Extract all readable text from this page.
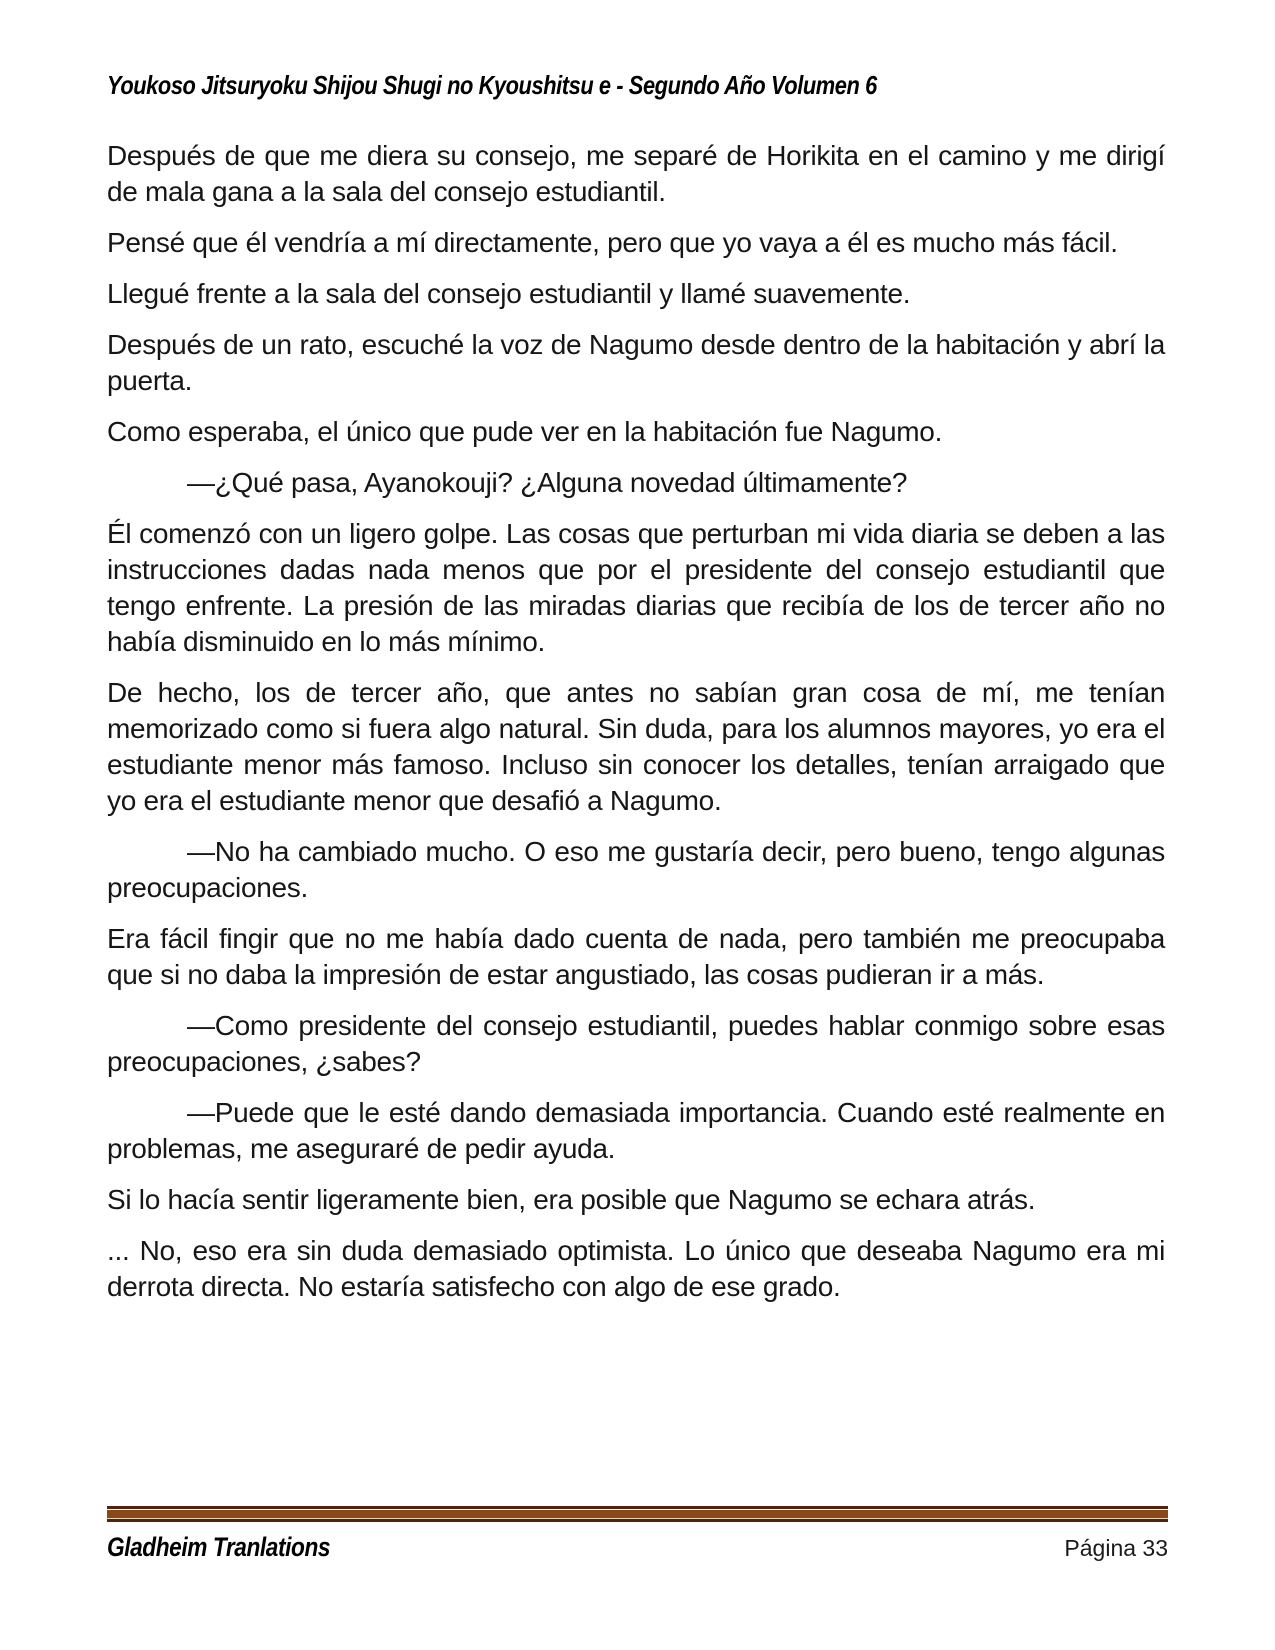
Youkoso Jitsuryoku Shijou Shugi no Kyoushitsu e - Segundo Año Volumen 6

Después de que me diera su consejo, me separé de Horikita en el camino y me dirigí de mala gana a la sala del consejo estudiantil.

Pensé que él vendría a mí directamente, pero que yo vaya a él es mucho más fácil.

Llegué frente a la sala del consejo estudiantil y llamé suavemente.

Después de un rato, escuché la voz de Nagumo desde dentro de la habitación y abrí la puerta.

Como esperaba, el único que pude ver en la habitación fue Nagumo.

—¿Qué pasa, Ayanokouji? ¿Alguna novedad últimamente?

Él comenzó con un ligero golpe. Las cosas que perturban mi vida diaria se deben a las instrucciones dadas nada menos que por el presidente del consejo estudiantil que tengo enfrente. La presión de las miradas diarias que recibía de los de tercer año no había disminuido en lo más mínimo.

De hecho, los de tercer año, que antes no sabían gran cosa de mí, me tenían memorizado como si fuera algo natural. Sin duda, para los alumnos mayores, yo era el estudiante menor más famoso. Incluso sin conocer los detalles, tenían arraigado que yo era el estudiante menor que desafió a Nagumo.

—No ha cambiado mucho. O eso me gustaría decir, pero bueno, tengo algunas preocupaciones.

Era fácil fingir que no me había dado cuenta de nada, pero también me preocupaba que si no daba la impresión de estar angustiado, las cosas pudieran ir a más.

—Como presidente del consejo estudiantil, puedes hablar conmigo sobre esas preocupaciones, ¿sabes?

—Puede que le esté dando demasiada importancia. Cuando esté realmente en problemas, me aseguraré de pedir ayuda.

Si lo hacía sentir ligeramente bien, era posible que Nagumo se echara atrás.

... No, eso era sin duda demasiado optimista. Lo único que deseaba Nagumo era mi derrota directa. No estaría satisfecho con algo de ese grado.

Gladheim Tranlations	Página 33
